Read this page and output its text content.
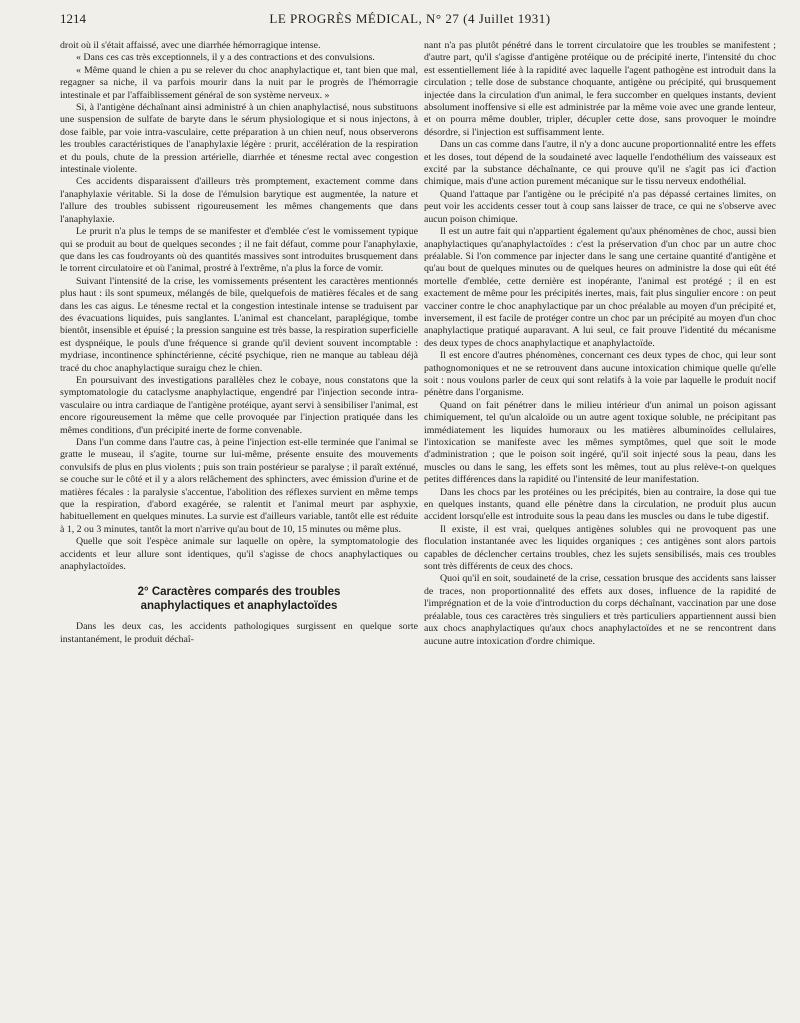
1214	LE PROGRÈS MÉDICAL, N° 27 (4 Juillet 1931)

droit où il s'était affaissé, avec une diarrhée hémorragique intense.

« Dans ces cas très exceptionnels, il y a des contractions et des convulsions.

« Même quand le chien a pu se relever du choc anaphylactique et, tant bien que mal, regagner sa niche, il va parfois mourir dans la nuit par le progrès de l'hémorragie intestinale et par l'affaiblissement général de son système nerveux. »

Si, à l'antigène déchaînant ainsi administré à un chien anaphylactisé, nous substituons une suspension de sulfate de baryte dans le sérum physiologique et si nous injectons, à dose faible, par voie intra-vasculaire, cette préparation à un chien neuf, nous observerons les troubles caractéristiques de l'anaphylaxie légère : prurit, accélération de la respiration et du pouls, chute de la pression artérielle, diarrhée et ténesme rectal avec congestion intestinale violente.

Ces accidents disparaissent d'ailleurs très promptement, exactement comme dans l'anaphylaxie véritable. Si la dose de l'émulsion barytique est augmentée, la nature et l'allure des troubles subissent rigoureusement les mêmes changements que dans l'anaphylaxie.

Le prurit n'a plus le temps de se manifester et d'emblée c'est le vomissement typique qui se produit au bout de quelques secondes ; il ne fait défaut, comme pour l'anaphylaxie, que dans les cas foudroyants où des quantités massives sont introduites brusquement dans le torrent circulatoire et où l'animal, prostré à l'extrême, n'a plus la force de vomir.

Suivant l'intensité de la crise, les vomissements présentent les caractères mentionnés plus haut : ils sont spumeux, mélangés de bile, quelquefois de matières fécales et de sang dans les cas aigus. Le ténesme rectal et la congestion intestinale intense se traduisent par des évacuations liquides, puis sanglantes. L'animal est chancelant, paraplégique, tombe bientôt, insensible et épuisé ; la pression sanguine est très basse, la respiration superficielle est dyspnéique, le pouls d'une fréquence si grande qu'il devient souvent incomptable : mydriase, incontinence sphinctérienne, cécité psychique, rien ne manque au tableau déjà tracé du choc anaphylactique suraigu chez le chien.

En poursuivant des investigations parallèles chez le cobaye, nous constatons que la symptomatologie du cataclysme anaphylactique, engendré par l'injection seconde intra-vasculaire ou intra cardiaque de l'antigène protéique, ayant servi à sensibiliser l'animal, est encore rigoureusement la même que celle provoquée par l'injection pratiquée dans les mêmes conditions, d'un précipité inerte de forme convenable.

Dans l'un comme dans l'autre cas, à peine l'injection est-elle terminée que l'animal se gratte le museau, il s'agite, tourne sur lui-même, présente ensuite des mouvements convulsifs de plus en plus violents ; puis son train postérieur se paralyse ; il paraît exténué, se couche sur le côté et il y a alors relâchement des sphincters, avec émission d'urine et de matières fécales : la paralysie s'accentue, l'abolition des réflexes survient en même temps que la respiration, d'abord exagérée, se ralentit et l'animal meurt par asphyxie, habituellement en quelques minutes. La survie est d'ailleurs variable, tantôt elle est réduite à 1, 2 ou 3 minutes, tantôt la mort n'arrive qu'au bout de 10, 15 minutes ou même plus.

Quelle que soit l'espèce animale sur laquelle on opère, la symptomatologie des accidents et leur allure sont identiques, qu'il s'agisse de chocs anaphylactiques ou anaphylactoïdes.

2° Caractères comparés des troubles
anaphylactiques et anaphylactoïdes

Dans les deux cas, les accidents pathologiques surgissent en quelque sorte instantanément, le produit déchaî-

nant n'a pas plutôt pénétré dans le torrent circulatoire que les troubles se manifestent ; d'autre part, qu'il s'agisse d'antigène protéique ou de précipité inerte, l'intensité du choc est essentiellement liée à la rapidité avec laquelle l'agent pathogène est introduit dans la circulation ; telle dose de substance choquante, antigène ou précipité, qui brusquement injectée dans la circulation d'un animal, le fera succomber en quelques instants, devient absolument inoffensive si elle est administrée par la même voie avec une grande lenteur, et on pourra même doubler, tripler, décupler cette dose, sans provoquer le moindre désordre, si l'injection est suffisamment lente.

Dans un cas comme dans l'autre, il n'y a donc aucune proportionnalité entre les effets et les doses, tout dépend de la soudaineté avec laquelle l'endothélium des vaisseaux est excité par la substance déchaînante, ce qui prouve qu'il ne s'agit pas ici d'action chimique, mais d'une action purement mécanique sur le tissu nerveux endothélial.

Quand l'attaque par l'antigène ou le précipité n'a pas dépassé certaines limites, on peut voir les accidents cesser tout à coup sans laisser de trace, ce qui ne s'observe avec aucun poison chimique.

Il est un autre fait qui n'appartient également qu'aux phénomènes de choc, aussi bien anaphylactiques qu'anaphylactoïdes : c'est la préservation d'un choc par un autre choc préalable. Si l'on commence par injecter dans le sang une certaine quantité d'antigène et qu'au bout de quelques minutes ou de quelques heures on administre la dose qui eût été mortelle d'emblée, cette dernière est inopérante, l'animal est protégé ; il en est exactement de même pour les précipités inertes, mais, fait plus singulier encore : on peut vacciner contre le choc anaphylactique par un choc préalable au moyen d'un précipité et, inversement, il est facile de protéger contre un choc par un précipité au moyen d'un choc anaphylactique pratiqué auparavant. A lui seul, ce fait prouve l'identité du mécanisme des deux types de chocs anaphylactique et anaphylactoïde.

Il est encore d'autres phénomènes, concernant ces deux types de choc, qui leur sont pathognomoniques et ne se retrouvent dans aucune intoxication chimique quelle qu'elle soit : nous voulons parler de ceux qui sont relatifs à la voie par laquelle le produit nocif pénètre dans l'organisme.

Quand on fait pénétrer dans le milieu intérieur d'un animal un poison agissant chimiquement, tel qu'un alcaloïde ou un autre agent toxique soluble, ne précipitant pas immédiatement les liquides humoraux ou les matières albuminoïdes cellulaires, l'intoxication se manifeste avec les mêmes symptômes, quel que soit le mode d'administration ; que le poison soit ingéré, qu'il soit injecté sous la peau, dans les muscles ou dans le sang, les effets sont les mêmes, tout au plus relève-t-on quelques petites différences dans la rapidité ou l'intensité de leur manifestation.

Dans les chocs par les protéines ou les précipités, bien au contraire, la dose qui tue en quelques instants, quand elle pénètre dans la circulation, ne produit plus aucun accident lorsqu'elle est introduite sous la peau dans les muscles ou dans le tube digestif.

Il existe, il est vrai, quelques antigènes solubles qui ne provoquent pas une floculation instantanée avec les liquides organiques ; ces antigènes sont alors partois capables de déclencher certains troubles, chez les sujets sensibilisés, mais ces troubles sont très différents de ceux des chocs.

Quoi qu'il en soit, soudaineté de la crise, cessation brusque des accidents sans laisser de traces, non proportionnalité des effets aux doses, influence de la rapidité de l'imprégnation et de la voie d'introduction du corps déchaînant, vaccination par une dose préalable, tous ces caractères très singuliers et très particuliers appartiennent aussi bien aux chocs anaphylactiques qu'aux chocs anaphylactoïdes et ne se rencontrent dans aucune autre intoxication d'ordre chimique.
